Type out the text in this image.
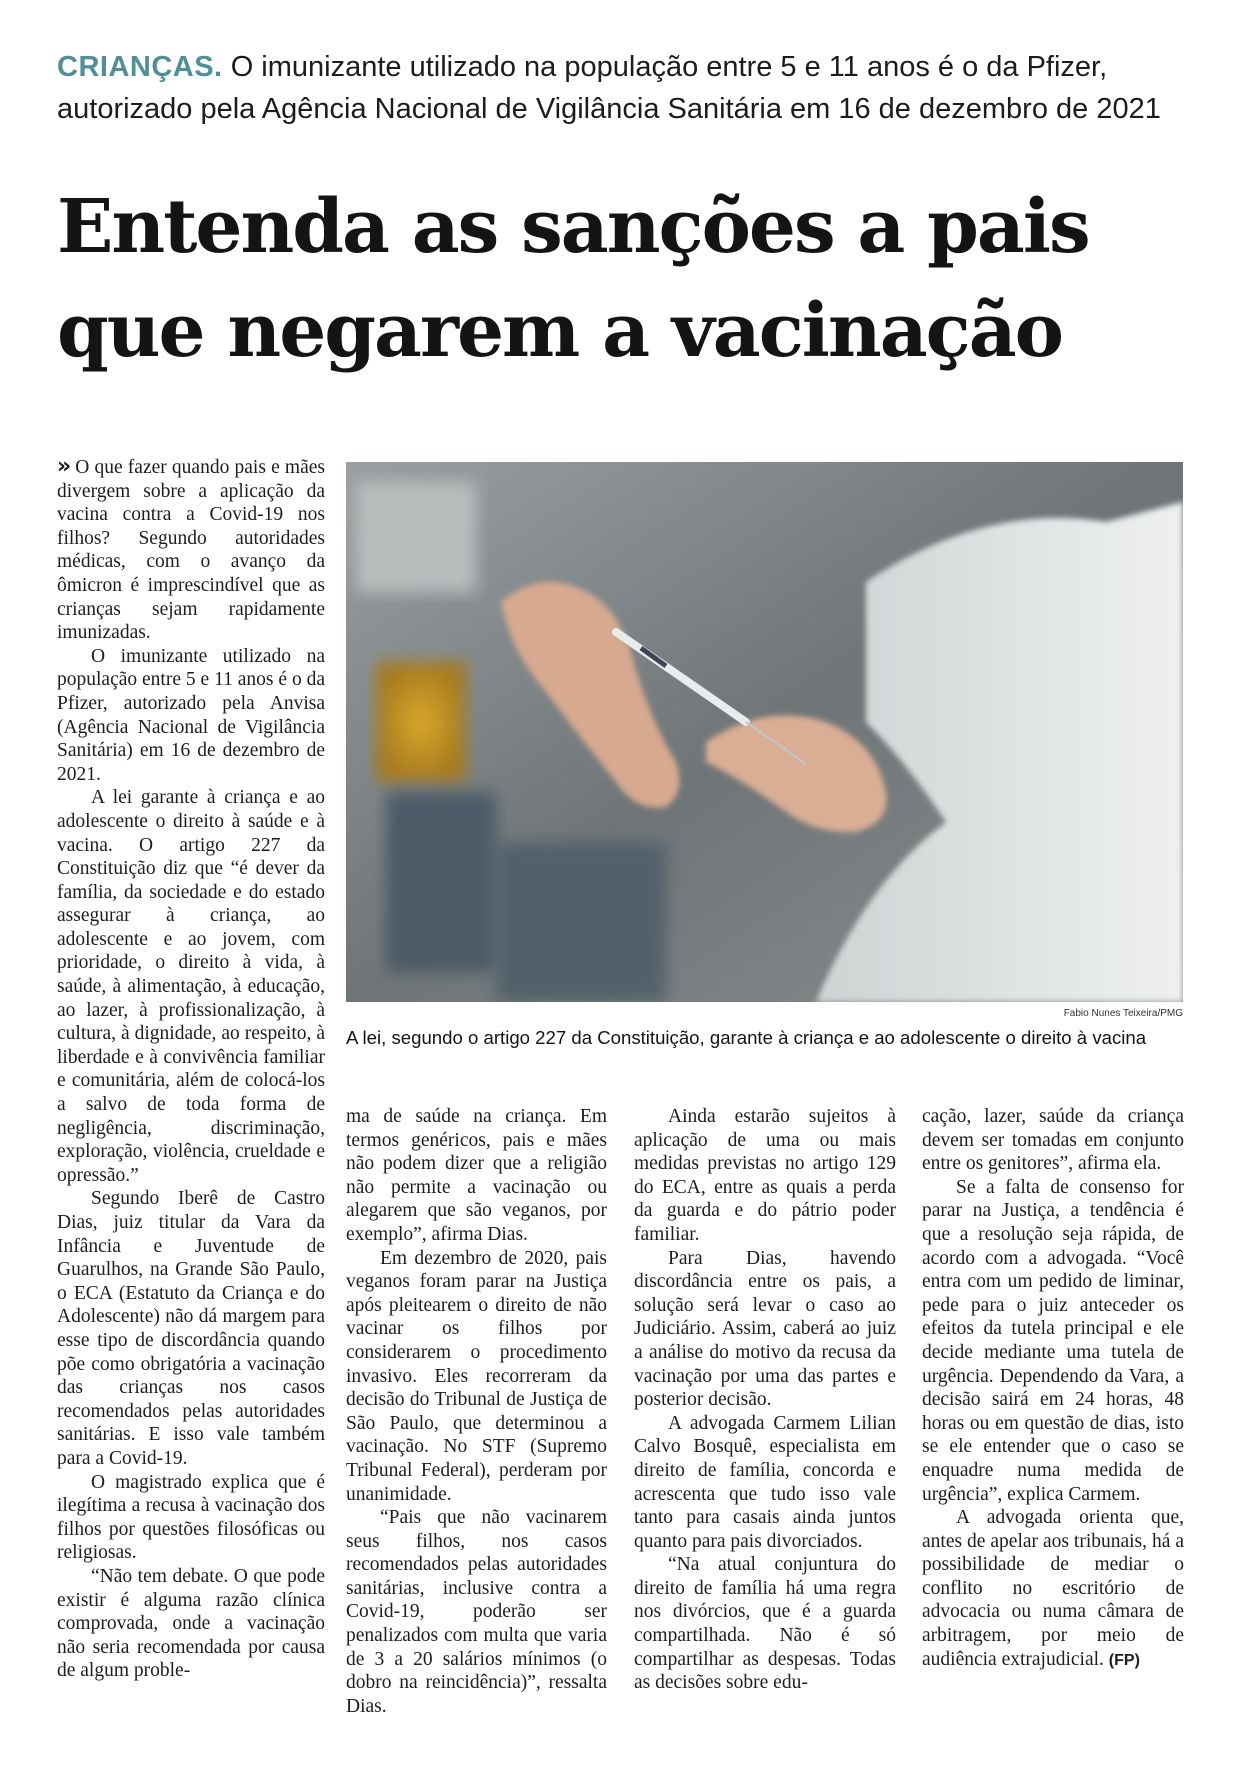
CRIANÇAS. O imunizante utilizado na população entre 5 e 11 anos é o da Pfizer,
autorizado pela Agência Nacional de Vigilância Sanitária em 16 de dezembro de 2021
Entenda as sanções a pais
que negarem a vacinação

» O que fazer quando pais e mães divergem sobre a aplicação da vacina contra a Covid-19 nos filhos? Segundo autoridades médicas, com o avanço da ômicron é imprescindível que as crianças sejam rapidamente imunizadas.

O imunizante utilizado na população entre 5 e 11 anos é o da Pfizer, autorizado pela Anvisa (Agência Nacional de Vigilância Sanitária) em 16 de dezembro de 2021.

A lei garante à criança e ao adolescente o direito à saúde e à vacina. O artigo 227 da Constituição diz que “é dever da família, da sociedade e do estado assegurar à criança, ao adolescente e ao jovem, com prioridade, o direito à vida, à saúde, à alimentação, à educação, ao lazer, à profissionalização, à cultura, à dignidade, ao respeito, à liberdade e à convivência familiar e comunitária, além de colocá-los a salvo de toda forma de negligência, discriminação, exploração, violência, crueldade e opressão.”

Segundo Iberê de Castro Dias, juiz titular da Vara da Infância e Juventude de Guarulhos, na Grande São Paulo, o ECA (Estatuto da Criança e do Adolescente) não dá margem para esse tipo de discordância quando põe como obrigatória a vacinação das crianças nos casos recomendados pelas autoridades sanitárias. E isso vale também para a Covid-19.

O magistrado explica que é ilegítima a recusa à vacinação dos filhos por questões filosóficas ou religiosas.

“Não tem debate. O que pode existir é alguma razão clínica comprovada, onde a vacinação não seria recomendada por causa de algum proble-

Fabio Nunes Teixeira/PMG
A lei, segundo o artigo 227 da Constituição, garante à criança e ao adolescente o direito à vacina

ma de saúde na criança. Em termos genéricos, pais e mães não podem dizer que a religião não permite a vacinação ou alegarem que são veganos, por exemplo”, afirma Dias.

Em dezembro de 2020, pais veganos foram parar na Justiça após pleitearem o direito de não vacinar os filhos por considerarem o procedimento invasivo. Eles recorreram da decisão do Tribunal de Justiça de São Paulo, que determinou a vacinação. No STF (Supremo Tribunal Federal), perderam por unanimidade.

“Pais que não vacinarem seus filhos, nos casos recomendados pelas autoridades sanitárias, inclusive contra a Covid-19, poderão ser penalizados com multa que varia de 3 a 20 salários mínimos (o dobro na reincidência)”, ressalta Dias.

Ainda estarão sujeitos à aplicação de uma ou mais medidas previstas no artigo 129 do ECA, entre as quais a perda da guarda e do pátrio poder familiar.

Para Dias, havendo discordância entre os pais, a solução será levar o caso ao Judiciário. Assim, caberá ao juiz a análise do motivo da recusa da vacinação por uma das partes e posterior decisão.

A advogada Carmem Lilian Calvo Bosquê, especialista em direito de família, concorda e acrescenta que tudo isso vale tanto para casais ainda juntos quanto para pais divorciados.

“Na atual conjuntura do direito de família há uma regra nos divórcios, que é a guarda compartilhada. Não é só compartilhar as despesas. Todas as decisões sobre edu-

cação, lazer, saúde da criança devem ser tomadas em conjunto entre os genitores”, afirma ela.

Se a falta de consenso for parar na Justiça, a tendência é que a resolução seja rápida, de acordo com a advogada. “Você entra com um pedido de liminar, pede para o juiz anteceder os efeitos da tutela principal e ele decide mediante uma tutela de urgência. Dependendo da Vara, a decisão sairá em 24 horas, 48 horas ou em questão de dias, isto se ele entender que o caso se enquadre numa medida de urgência”, explica Carmem.

A advogada orienta que, antes de apelar aos tribunais, há a possibilidade de mediar o conflito no escritório de advocacia ou numa câmara de arbitragem, por meio de audiência extrajudicial. (FP)
